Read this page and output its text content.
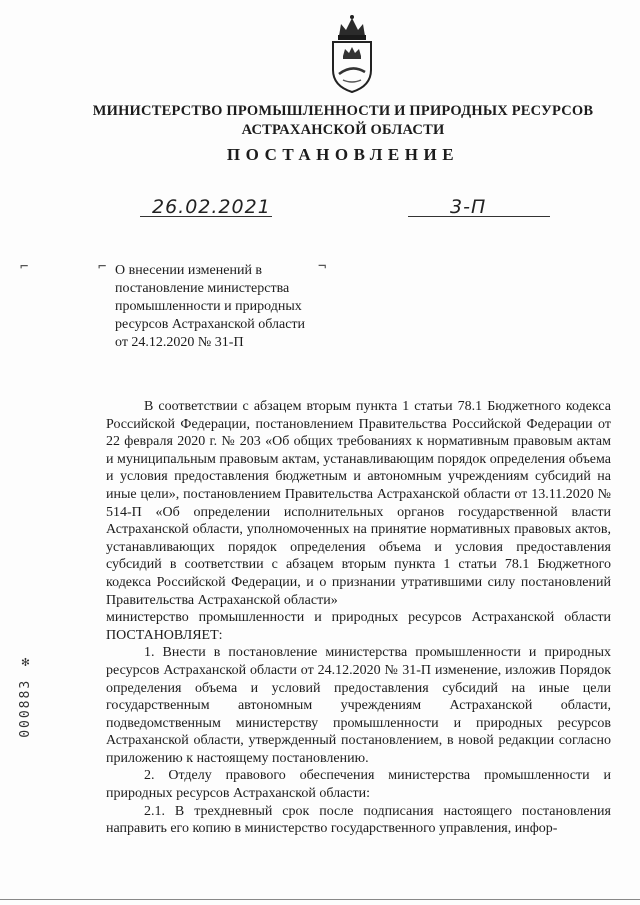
МИНИСТЕРСТВО ПРОМЫШЛЕННОСТИ И ПРИРОДНЫХ РЕСУРСОВ
АСТРАХАНСКОЙ ОБЛАСТИ
ПОСТАНОВЛЕНИЕ
26.02.2021	3-П
⌐	⌐	¬
О внесении изменений в
постановление министерства
промышленности и природных
ресурсов Астраханской области
от 24.12.2020 № 31-П

В соответствии с абзацем вторым пункта 1 статьи 78.1 Бюджетного кодекса Российской Федерации, постановлением Правительства Российской Федерации от 22 февраля 2020 г. № 203 «Об общих требованиях к нормативным правовым актам и муниципальным правовым актам, устанавливающим порядок определения объема и условия предоставления бюджетным и автономным учреждениям субсидий на иные цели», постановлением Правительства Астраханской области от 13.11.2020 № 514-П «Об определении исполнительных органов государственной власти Астраханской области, уполномоченных на принятие нормативных правовых актов, устанавливающих порядок определения объема и условия предоставления субсидий в соответствии с абзацем вторым пункта 1 статьи 78.1 Бюджетного кодекса Российской Федерации, и о признании утратившими силу постановлений Правительства Астраханской области»

министерство промышленности и природных ресурсов Астраханской области ПОСТАНОВЛЯЕТ:

1. Внести в постановление министерства промышленности и природных ресурсов Астраханской области от 24.12.2020 № 31-П изменение, изложив Порядок определения объема и условий предоставления субсидий на иные цели государственным автономным учреждениям Астраханской области, подведомственным министерству промышленности и природных ресурсов Астраханской области, утвержденный постановлением, в новой редакции согласно приложению к настоящему постановлению.

2. Отделу правового обеспечения министерства промышленности и природных ресурсов Астраханской области:

2.1. В трехдневный срок после подписания настоящего постановления направить его копию в министерство государственного управления, инфор-

000883 ✻
